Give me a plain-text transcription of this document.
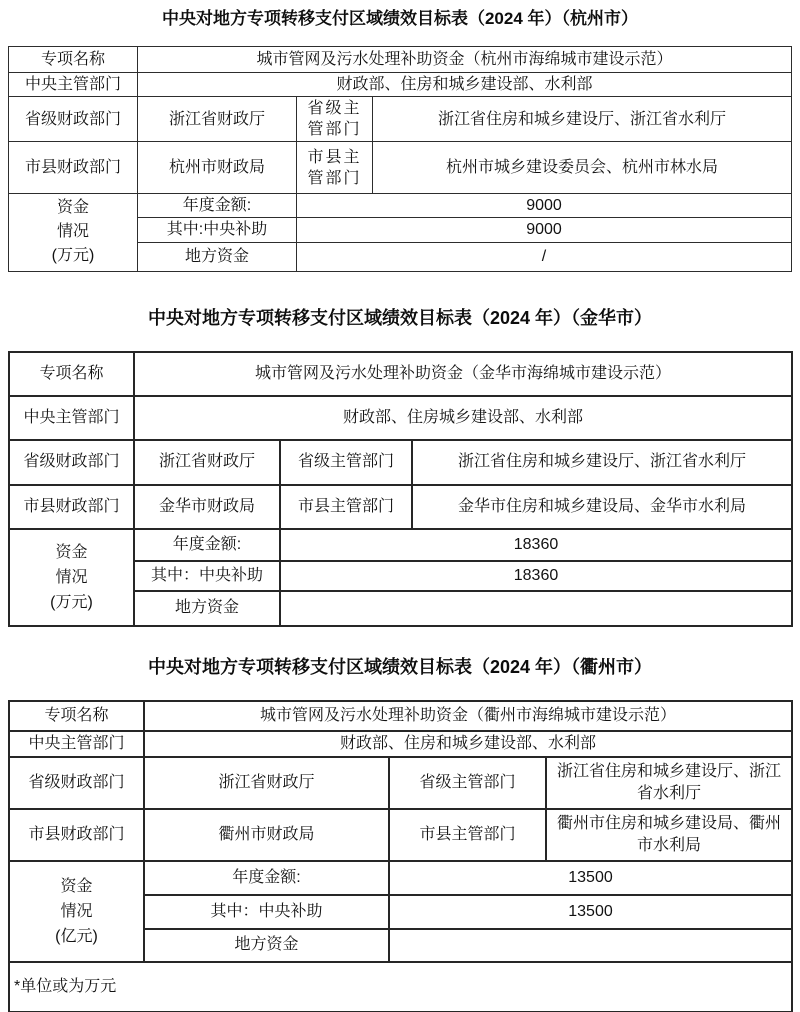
中央对地方专项转移支付区域绩效目标表（2024 年）（杭州市）
专项名称	城市管网及污水处理补助资金（杭州市海绵城市建设示范）		
中央主管部门	财政部、住房和城乡建设部、水利部		
省级财政部门	浙江省财政厅	省级主管部门	浙江省住房和城乡建设厅、浙江省水利厅
市县财政部门	杭州市财政局	市县主管部门	杭州市城乡建设委员会、杭州市林水局

资金
情况
(万元)	年度金额:	9000	
	其中:中央补助	9000	
	地方资金	/	
中央对地方专项转移支付区域绩效目标表（2024 年）（金华市）
专项名称	城市管网及污水处理补助资金（金华市海绵城市建设示范）		
中央主管部门	财政部、住房城乡建设部、水利部		
省级财政部门	浙江省财政厅	省级主管部门	浙江省住房和城乡建设厅、浙江省水利厅
市县财政部门	金华市财政局	市县主管部门	金华市住房和城乡建设局、金华市水利局

资金
情况
(万元)	年度金额:	18360	
	其中：中央补助	18360	
	地方资金		
中央对地方专项转移支付区域绩效目标表（2024 年）（衢州市）
专项名称	城市管网及污水处理补助资金（衢州市海绵城市建设示范）		
中央主管部门	财政部、住房和城乡建设部、水利部		
省级财政部门	浙江省财政厅	省级主管部门	浙江省住房和城乡建设厅、浙江省水利厅
市县财政部门	衢州市财政局	市县主管部门	衢州市住房和城乡建设局、衢州市水利局

资金
情况
(亿元)	年度金额:	13500	
	其中：中央补助	13500	
	地方资金		
*单位或为万元			
